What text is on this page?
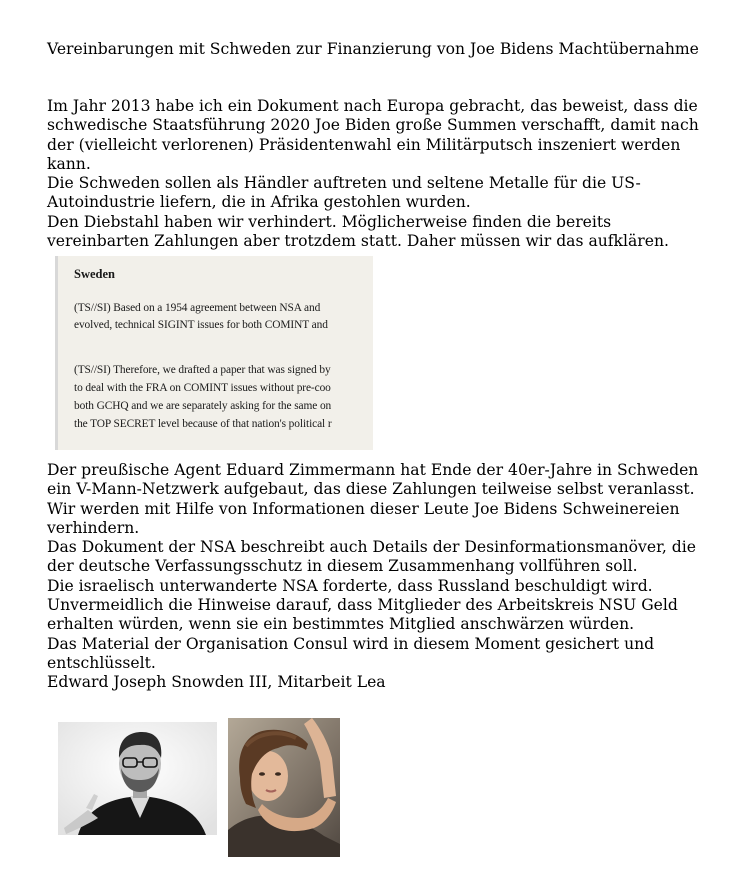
Vereinbarungen mit Schweden zur Finanzierung von Joe Bidens Machtübernahme

Im Jahr 2013 habe ich ein Dokument nach Europa gebracht, das beweist, dass die schwedische Staatsführung 2020 Joe Biden große Summen verschafft, damit nach der (vielleicht verlorenen) Präsidentenwahl ein Militärputsch inszeniert werden kann.

Die Schweden sollen als Händler auftreten und seltene Metalle für die US-Autoindustrie liefern, die in Afrika gestohlen wurden.

Den Diebstahl haben wir verhindert. Möglicherweise finden die bereits vereinbarten Zahlungen aber trotzdem statt. Daher müssen wir das aufklären.

Sweden
(TS//SI) Based on a 1954 agreement between NSA and
evolved, technical SIGINT issues for both COMINT and
(TS//SI) Therefore, we drafted a paper that was signed by
to deal with the FRA on COMINT issues without pre-coo
both GCHQ and we are separately asking for the same on
the TOP SECRET level because of that nation's political r

Der preußische Agent Eduard Zimmermann hat Ende der 40er-Jahre in Schweden ein V-Mann-Netzwerk aufgebaut, das diese Zahlungen teilweise selbst veranlasst. Wir werden mit Hilfe von Informationen dieser Leute Joe Bidens Schweinereien verhindern.

Das Dokument der NSA beschreibt auch Details der Desinformationsmanöver, die der deutsche Verfassungsschutz in diesem Zusammenhang vollführen soll.

Die israelisch unterwanderte NSA forderte, dass Russland beschuldigt wird.

Unvermeidlich die Hinweise darauf, dass Mitglieder des Arbeitskreis NSU Geld erhalten würden, wenn sie ein bestimmtes Mitglied anschwärzen würden.

Das Material der Organisation Consul wird in diesem Moment gesichert und entschlüsselt.

Edward Joseph Snowden III, Mitarbeit Lea
